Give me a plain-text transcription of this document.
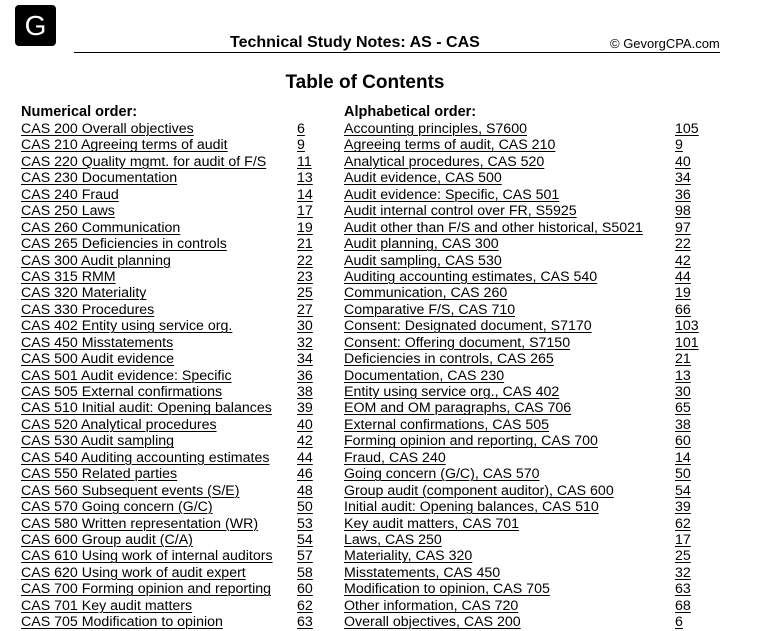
G
Technical Study Notes: AS - CAS	© GevorgCPA.com
Table of Contents
Numerical order:	Alphabetical order:
CAS 200 Overall objectives	6
CAS 210 Agreeing terms of audit	9
CAS 220 Quality mgmt. for audit of F/S 11
CAS 230 Documentation	13
CAS 240 Fraud	14
CAS 250 Laws	17
CAS 260 Communication	19
CAS 265 Deficiencies in controls	21
CAS 300 Audit planning	22
CAS 315 RMM	23
CAS 320 Materiality	25
CAS 330 Procedures	27
CAS 402 Entity using service org.	30
CAS 450 Misstatements	32
CAS 500 Audit evidence	34
CAS 501 Audit evidence: Specific	36
CAS 505 External confirmations	38
CAS 510 Initial audit: Opening balances 39
CAS 520 Analytical procedures	40
CAS 530 Audit sampling	42
CAS 540 Auditing accounting estimates 44
CAS 550 Related parties	46
CAS 560 Subsequent events (S/E)	48
CAS 570 Going concern (G/C)	50
CAS 580 Written representation (WR)	53
CAS 600 Group audit (C/A)	54
CAS 610 Using work of internal auditors 57
CAS 620 Using work of audit expert	58
CAS 700 Forming opinion and reporting 60
CAS 701 Key audit matters	62
CAS 705 Modification to opinion	63
Accounting principles, S7600	105
Agreeing terms of audit, CAS 210	9
Analytical procedures, CAS 520	40
Audit evidence, CAS 500	34
Audit evidence: Specific, CAS 501	36
Audit internal control over FR, S5925	98
Audit other than F/S and other historical, S5021 97
Audit planning, CAS 300	22
Audit sampling, CAS 530	42
Auditing accounting estimates, CAS 540	44
Communication, CAS 260	19
Comparative F/S, CAS 710	66
Consent: Designated document, S7170	103
Consent: Offering document, S7150	101
Deficiencies in controls, CAS 265	21
Documentation, CAS 230	13
Entity using service org., CAS 402	30
EOM and OM paragraphs, CAS 706	65
External confirmations, CAS 505	38
Forming opinion and reporting, CAS 700	60
Fraud, CAS 240	14
Going concern (G/C), CAS 570	50
Group audit (component auditor), CAS 600	54
Initial audit: Opening balances, CAS 510	39
Key audit matters, CAS 701	62
Laws, CAS 250	17
Materiality, CAS 320	25
Misstatements, CAS 450	32
Modification to opinion, CAS 705	63
Other information, CAS 720	68
Overall objectives, CAS 200	6
